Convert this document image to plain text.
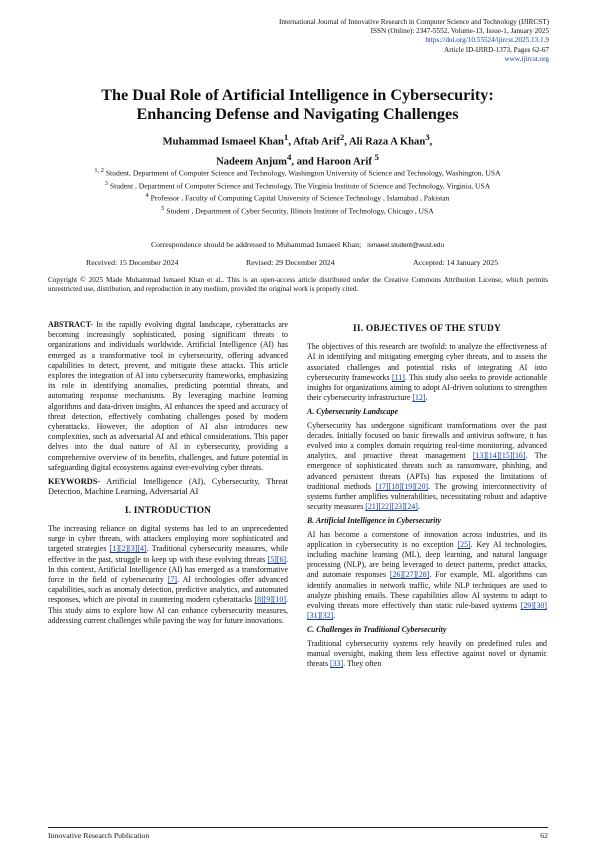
International Journal of Innovative Research in Computer Science and Technology (IJIRCST)
ISSN (Online): 2347-5552, Volume-13, Issue-1, January 2025
https://doi.org/10.55524/ijircst.2025.13.1.9
Article ID-IJIRD-1373, Pages 62-67
www.ijircst.org
The Dual Role of Artificial Intelligence in Cybersecurity:
Enhancing Defense and Navigating Challenges
Muhammad Ismaeel Khan$^1$, Aftab Arif$^2$, Ali Raza A Khan$^3$,
Nadeem Anjum$^4$, and Haroon Arif $^5$
$^{1, 2}$ Student, Department of Computer Science and Technology, Washington University of Science and Technology, Washington, USA
$^3$ Student , Department of Computer Science and Technology, The Virginia Institute of Science and Technology, Virginia, USA
$^4$ Professor , Faculty of Computing Capital University of Science Technology , Islamabad , Pakistan
$^5$ Student , Department of Cyber Security, Illinois Institute of Technology, Chicago , USA
Correspondence should be addressed to Muhammad Ismaeel Khan; ismaeel.student@wust.edu
Received: 15 December 2024	Revised: 29 December 2024	Accepted: 14 January 2025
Copyright © 2025 Made Muhammad Ismaeel Khan et al.. This is an open-access article distributed under the Creative Commons Attribution License, which permits unrestricted use, distribution, and reproduction in any medium, provided the original work is properly cited.

ABSTRACT- In the rapidly evolving digital landscape, cyberattacks are becoming increasingly sophisticated, posing significant threats to organizations and individuals worldwide. Artificial Intelligence (AI) has emerged as a transformative tool in cybersecurity, offering advanced capabilities to detect, prevent, and mitigate these attacks. This article explores the integration of AI into cybersecurity frameworks, emphasizing its role in identifying anomalies, predicting potential threats, and automating response mechanisms. By leveraging machine learning algorithms and data-driven insights, AI enhances the speed and accuracy of threat detection, effectively combating challenges posed by modern cyberattacks. However, the adoption of AI also introduces new complexities, such as adversarial AI and ethical considerations. This paper delves into the dual nature of AI in cybersecurity, providing a comprehensive overview of its benefits, challenges, and future potential in safeguarding digital ecosystems against ever-evolving cyber threats.

KEYWORDS- Artificial Intelligence (AI), Cybersecurity, Threat Detection, Machine Learning, Adversarial AI

I. INTRODUCTION

The increasing reliance on digital systems has led to an unprecedented surge in cyber threats, with attackers employing more sophisticated and targeted strategies [1][2][3][4]. Traditional cybersecurity measures, while effective in the past, struggle to keep up with these evolving threats [5][6]. In this context, Artificial Intelligence (AI) has emerged as a transformative force in the field of cybersecurity [7]. AI technologies offer advanced capabilities, such as anomaly detection, predictive analytics, and automated responses, which are pivotal in countering modern cyberattacks [8][9][10]. This study aims to explore how AI can enhance cybersecurity measures, addressing current challenges while paving the way for future innovations.

II. OBJECTIVES OF THE STUDY

The objectives of this research are twofold: to analyze the effectiveness of AI in identifying and mitigating emerging cyber threats, and to assess the associated challenges and potential risks of integrating AI into cybersecurity frameworks [11]. This study also seeks to provide actionable insights for organizations aiming to adopt AI-driven solutions to strengthen their cybersecurity infrastructure [12].

A. Cybersecurity Landscape

Cybersecurity has undergone significant transformations over the past decades. Initially focused on basic firewalls and antivirus software, it has evolved into a complex domain requiring real-time monitoring, advanced analytics, and proactive threat management [13][14][15][16]. The emergence of sophisticated threats such as ransomware, phishing, and advanced persistent threats (APTs) has exposed the limitations of traditional methods [17][18][19][20]. The growing interconnectivity of systems further amplifies vulnerabilities, necessitating robust and adaptive security measures [21][22][23][24].

B. Artificial Intelligence in Cybersecurity

AI has become a cornerstone of innovation across industries, and its application in cybersecurity is no exception [25]. Key AI technologies, including machine learning (ML), deep learning, and natural language processing (NLP), are being leveraged to detect patterns, predict attacks, and automate responses [26][27][28]. For example, ML algorithms can identify anomalies in network traffic, while NLP techniques are used to analyze phishing emails. These capabilities allow AI systems to adapt to evolving threats more effectively than static rule-based systems [29][30][31][32].

C. Challenges in Traditional Cybersecurity

Traditional cybersecurity systems rely heavily on predefined rules and manual oversight, making them less effective against novel or dynamic threats [33]. They often

Innovative Research Publication	62
